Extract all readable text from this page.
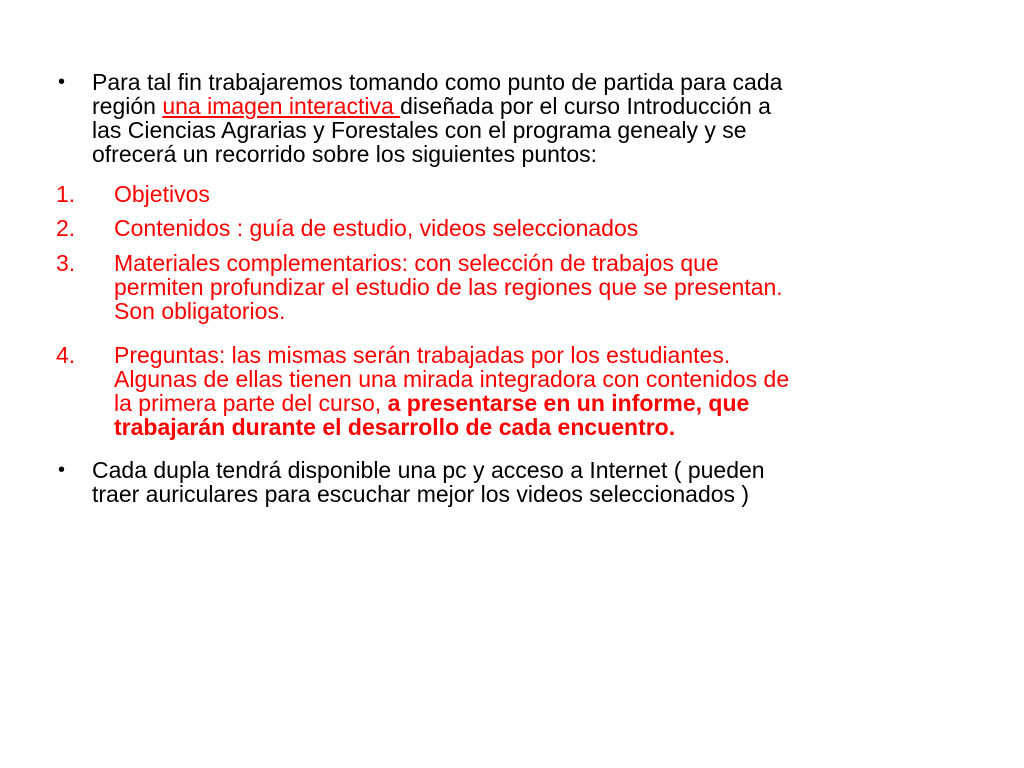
• Para tal fin trabajaremos tomando como punto de partida para cada
región una imagen interactiva diseñada por el curso Introducción a
las Ciencias Agrarias y Forestales con el programa genealy y se
ofrecerá un recorrido sobre los siguientes puntos:
1. Objetivos
2. Contenidos : guía de estudio, videos seleccionados
3. Materiales complementarios: con selección de trabajos que
permiten profundizar el estudio de las regiones que se presentan.
Son obligatorios.
4. Preguntas: las mismas serán trabajadas por los estudiantes.
Algunas de ellas tienen una mirada integradora con contenidos de
la primera parte del curso, a presentarse en un informe, que
trabajarán durante el desarrollo de cada encuentro.
• Cada dupla tendrá disponible una pc y acceso a Internet ( pueden
traer auriculares para escuchar mejor los videos seleccionados )
